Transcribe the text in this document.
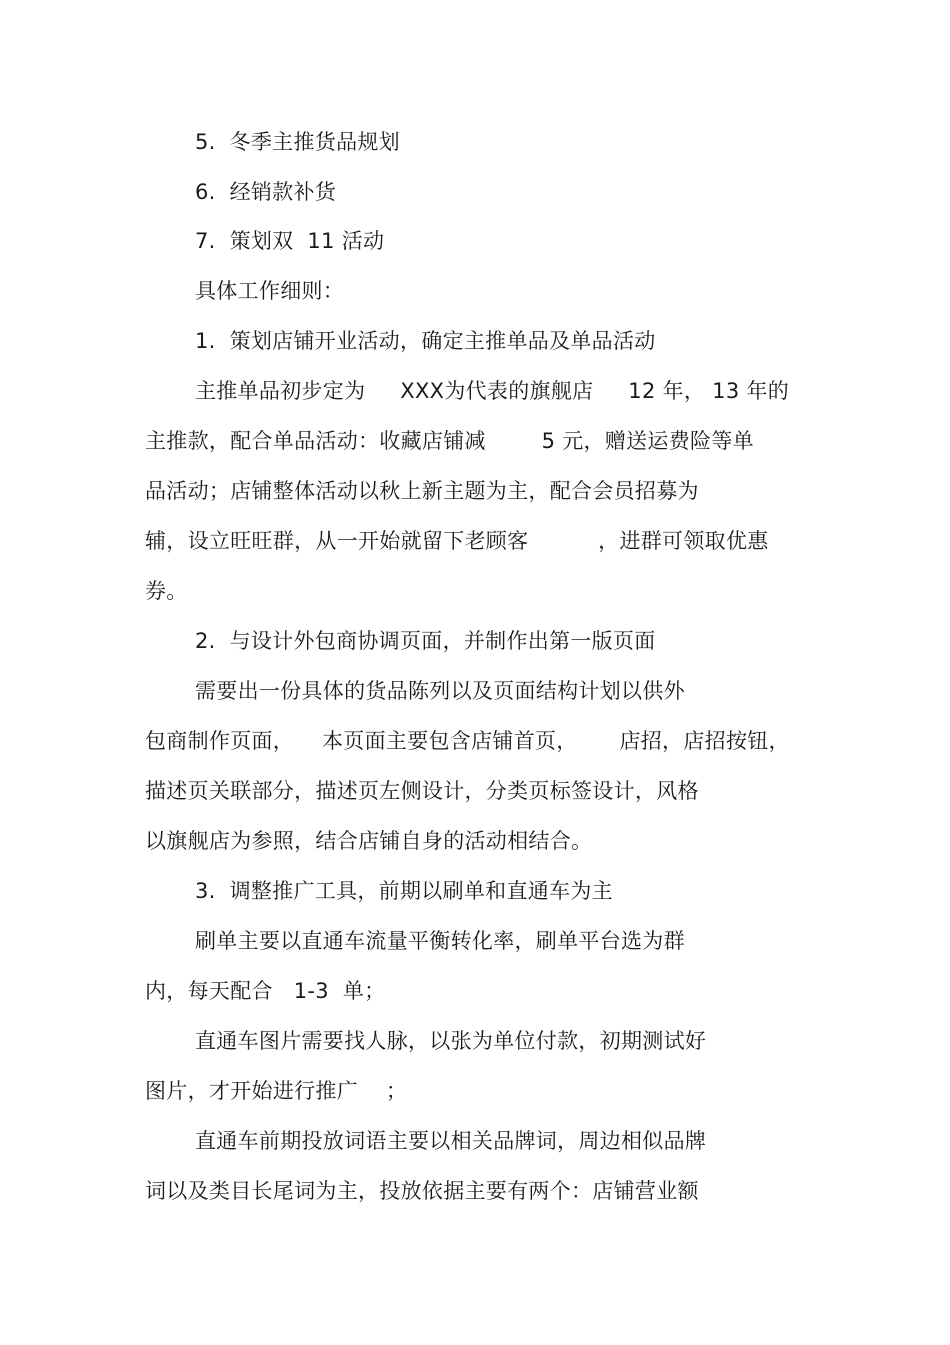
5.  冬季主推货品规划
6.  经销款补货
7.  策划双  11 活动
具体工作细则：
1.  策划店铺开业活动，确定主推单品及单品活动
主推单品初步定为     XXX为代表的旗舰店     12 年， 13 年的
主推款，配合单品活动：收藏店铺减        5 元，赠送运费险等单
品活动；店铺整体活动以秋上新主题为主，配合会员招募为
辅，设立旺旺群，从一开始就留下老顾客          ，进群可领取优惠
券。
2.  与设计外包商协调页面，并制作出第一版页面
需要出一份具体的货品陈列以及页面结构计划以供外
包商制作页面，    本页面主要包含店铺首页，      店招，店招按钮，
描述页关联部分，描述页左侧设计，分类页标签设计，风格
以旗舰店为参照，结合店铺自身的活动相结合。
3.  调整推广工具，前期以刷单和直通车为主
刷单主要以直通车流量平衡转化率，刷单平台选为群
内，每天配合   1-3  单；
直通车图片需要找人脉，以张为单位付款，初期测试好
图片，才开始进行推广    ；
直通车前期投放词语主要以相关品牌词，周边相似品牌
词以及类目长尾词为主，投放依据主要有两个：店铺营业额
